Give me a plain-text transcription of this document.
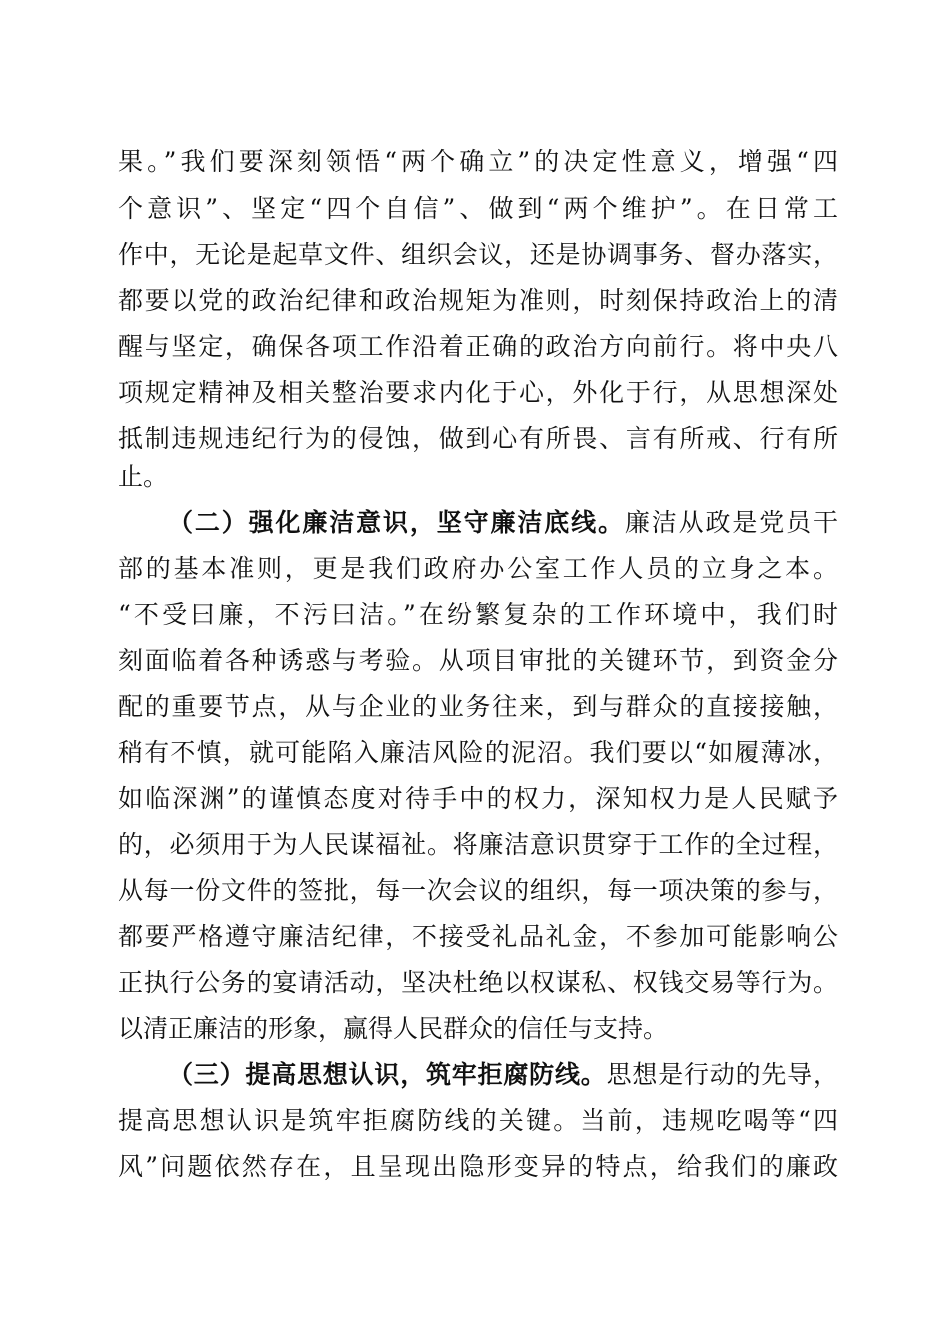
果。”我们要深刻领悟“两个确立”的决定性意义，增强“四

个意识”、坚定“四个自信”、做到“两个维护”。在日常工

作中，无论是起草文件、组织会议，还是协调事务、督办落实，

都要以党的政治纪律和政治规矩为准则，时刻保持政治上的清

醒与坚定，确保各项工作沿着正确的政治方向前行。将中央八

项规定精神及相关整治要求内化于心，外化于行，从思想深处

抵制违规违纪行为的侵蚀，做到心有所畏、言有所戒、行有所

止。

（二）强化廉洁意识，坚守廉洁底线。廉洁从政是党员干

部的基本准则，更是我们政府办公室工作人员的立身之本。

“不受曰廉，不污曰洁。”在纷繁复杂的工作环境中，我们时

刻面临着各种诱惑与考验。从项目审批的关键环节，到资金分

配的重要节点，从与企业的业务往来，到与群众的直接接触，

稍有不慎，就可能陷入廉洁风险的泥沼。我们要以“如履薄冰，

如临深渊”的谨慎态度对待手中的权力，深知权力是人民赋予

的，必须用于为人民谋福祉。将廉洁意识贯穿于工作的全过程，

从每一份文件的签批，每一次会议的组织，每一项决策的参与，

都要严格遵守廉洁纪律，不接受礼品礼金，不参加可能影响公

正执行公务的宴请活动，坚决杜绝以权谋私、权钱交易等行为。

以清正廉洁的形象，赢得人民群众的信任与支持。

（三）提高思想认识，筑牢拒腐防线。思想是行动的先导，

提高思想认识是筑牢拒腐防线的关键。当前，违规吃喝等“四

风”问题依然存在，且呈现出隐形变异的特点，给我们的廉政
